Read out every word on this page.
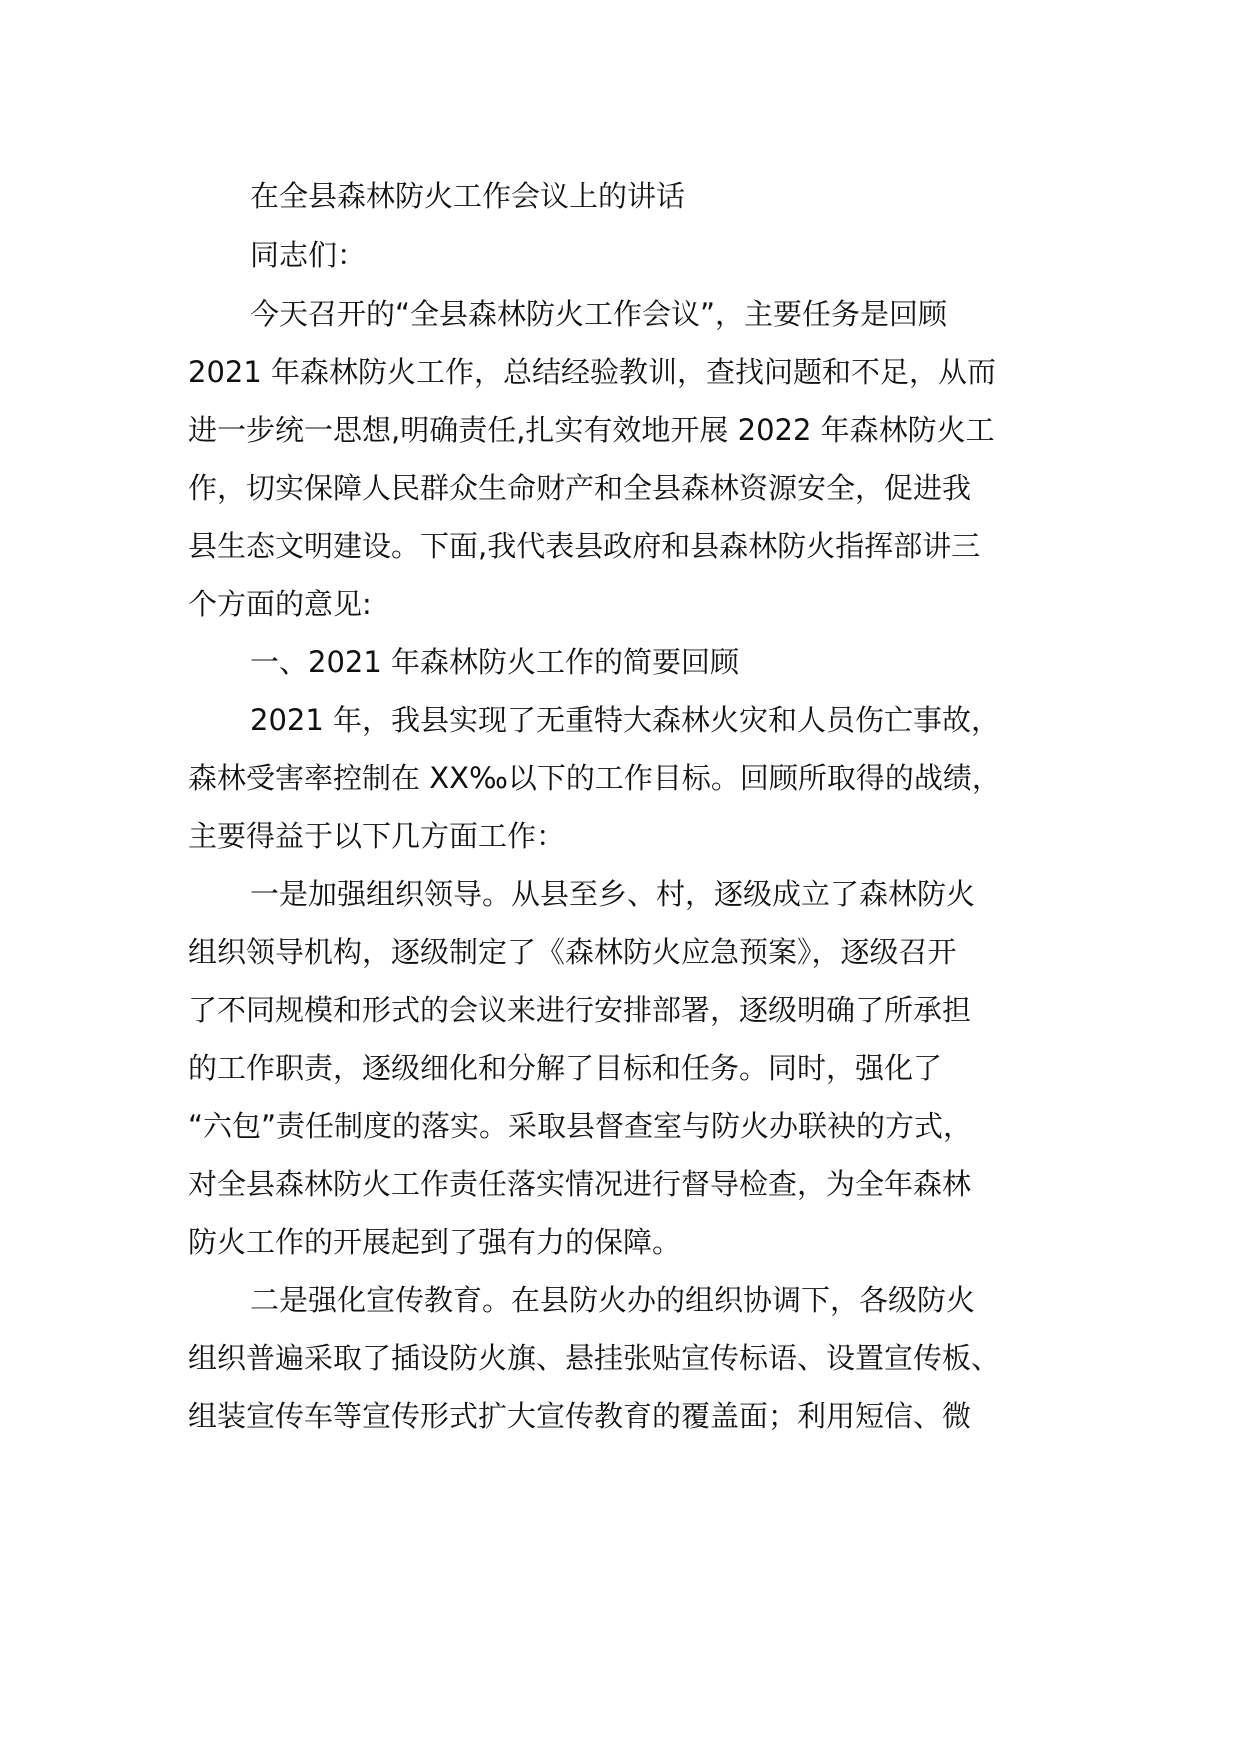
在全县森林防火工作会议上的讲话
同志们：
今天召开的“全县森林防火工作会议”，主要任务是回顾
2021 年森林防火工作，总结经验教训，查找问题和不足，从而
进一步统一思想,明确责任,扎实有效地开展 2022 年森林防火工
作，切实保障人民群众生命财产和全县森林资源安全，促进我
县生态文明建设。下面,我代表县政府和县森林防火指挥部讲三
个方面的意见:
一、2021 年森林防火工作的简要回顾
2021 年，我县实现了无重特大森林火灾和人员伤亡事故，
森林受害率控制在 XX‰以下的工作目标。回顾所取得的战绩，
主要得益于以下几方面工作：
一是加强组织领导。从县至乡、村，逐级成立了森林防火
组织领导机构，逐级制定了《森林防火应急预案》，逐级召开
了不同规模和形式的会议来进行安排部署，逐级明确了所承担
的工作职责，逐级细化和分解了目标和任务。同时，强化了
“六包”责任制度的落实。采取县督查室与防火办联袂的方式，
对全县森林防火工作责任落实情况进行督导检查，为全年森林
防火工作的开展起到了强有力的保障。
二是强化宣传教育。在县防火办的组织协调下，各级防火
组织普遍采取了插设防火旗、悬挂张贴宣传标语、设置宣传板、
组装宣传车等宣传形式扩大宣传教育的覆盖面；利用短信、微
